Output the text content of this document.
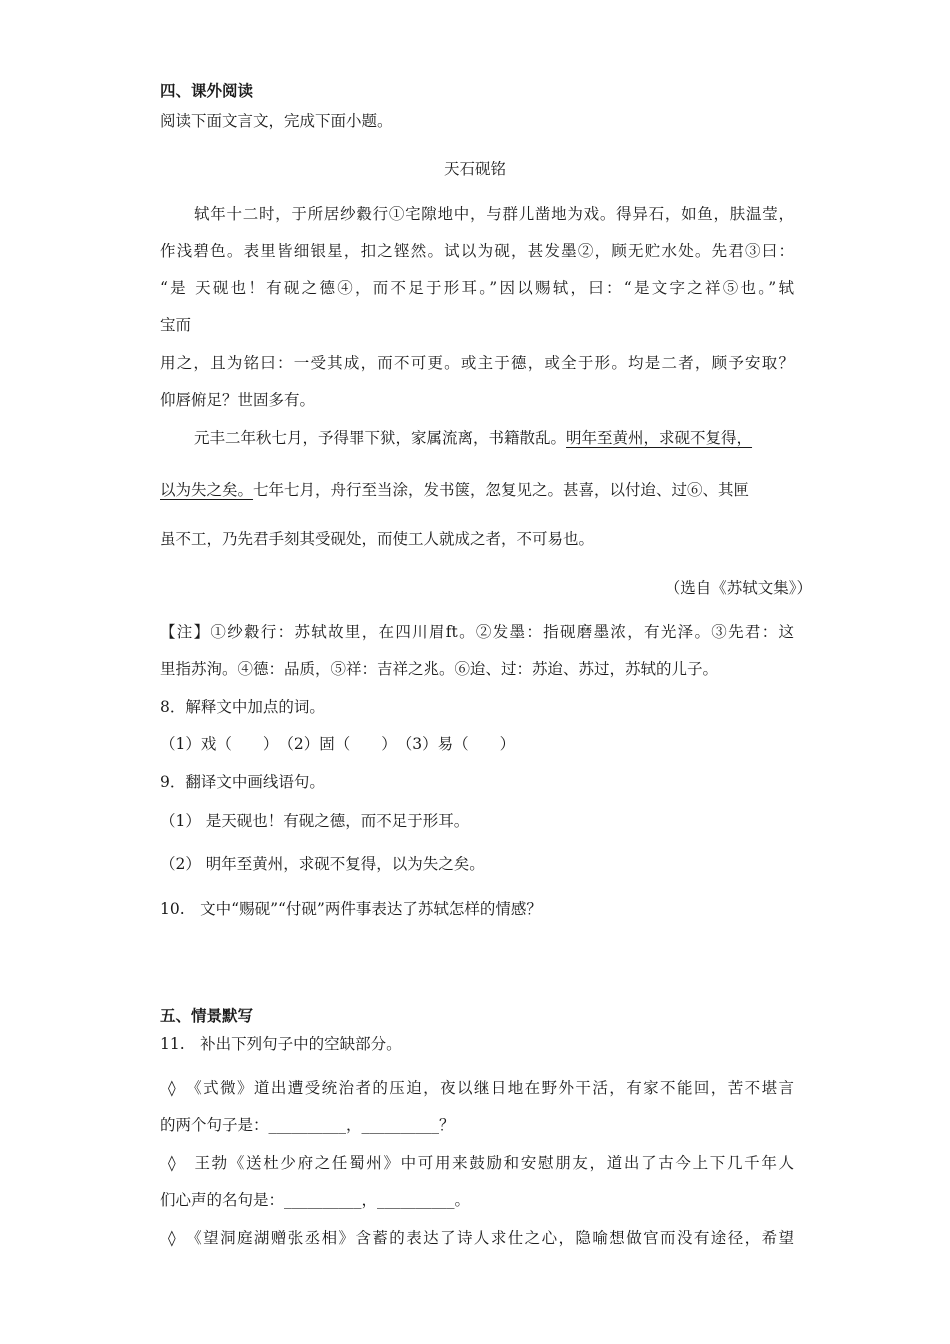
四、课外阅读
阅读下面文言文，完成下面小题。
天石砚铭
轼年十二时，于所居纱縠行①宅隙地中，与群儿凿地为戏。得异石，如鱼，肤温莹，
作浅碧色。表里皆细银星，扣之铿然。试以为砚，甚发墨②，顾无贮水处。先君③曰：
“是 天砚也！有砚之德④，而不足于形耳。”因以赐轼，曰：“是文字之祥⑤也。”轼
宝而
用之，且为铭曰：一受其成，而不可更。或主于德，或全于形。均是二者，顾予安取？
仰唇俯足？世固多有。
元丰二年秋七月，予得罪下狱，家属流离，书籍散乱。明年至黄州，求砚不复得，
以为失之矣。七年七月，舟行至当涂，发书箧，忽复见之。甚喜，以付迨、过⑥、其匣
虽不工，乃先君手刻其受砚处，而使工人就成之者，不可易也。
（选自《苏轼文集》）
【注】①纱縠行：苏轼故里，在四川眉ft。②发墨：指砚磨墨浓，有光泽。③先君：这
里指苏洵。④德：品质，⑤祥：吉祥之兆。⑥迨、过：苏迨、苏过，苏轼的儿子。
8．解释文中加点的词。
（1）戏（　　）　（2）固（　　）　（3）易（　　）
9．翻译文中画线语句。
（1） 是天砚也！有砚之德，而不足于形耳。
（2） 明年至黄州，求砚不复得，以为失之矣。
10.　文中“赐砚”“付砚”两件事表达了苏轼怎样的情感？
五、情景默写
11.　补出下列句子中的空缺部分。
◊　《式微》道出遭受统治者的压迫，夜以继日地在野外干活，有家不能回，苦不堪言
的两个句子是：__________，__________？
◊　王勃《送杜少府之任蜀州》中可用来鼓励和安慰朋友，道出了古今上下几千年人
们心声的名句是：__________，__________。
◊　《望洞庭湖赠张丞相》含蓄的表达了诗人求仕之心，隐喻想做官而没有途径，希望
